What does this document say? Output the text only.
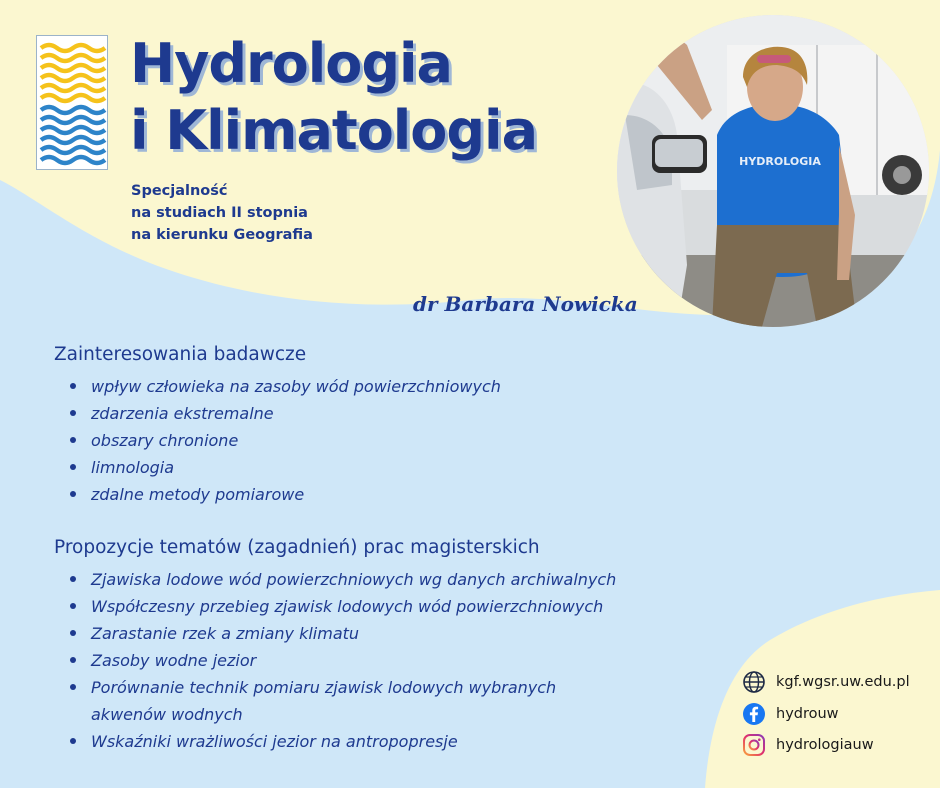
Hydrologia
i Klimatologia
Specjalność
na studiach II stopnia
na kierunku Geografia
HYDROLOGIA
dr Barbara Nowicka
Zainteresowania badawcze
wpływ człowieka na zasoby wód powierzchniowych
zdarzenia ekstremalne
obszary chronione
limnologia
zdalne metody pomiarowe
Propozycje tematów (zagadnień) prac magisterskich
Zjawiska lodowe wód powierzchniowych wg danych archiwalnych
Współczesny przebieg zjawisk lodowych wód powierzchniowych
Zarastanie rzek a zmiany klimatu
Zasoby wodne jezior
Porównanie technik pomiaru zjawisk lodowych wybranych akwenów wodnych
Wskaźniki wrażliwości jezior na antropopresje
kgf.wgsr.uw.edu.pl
hydrouw
hydrologiauw
